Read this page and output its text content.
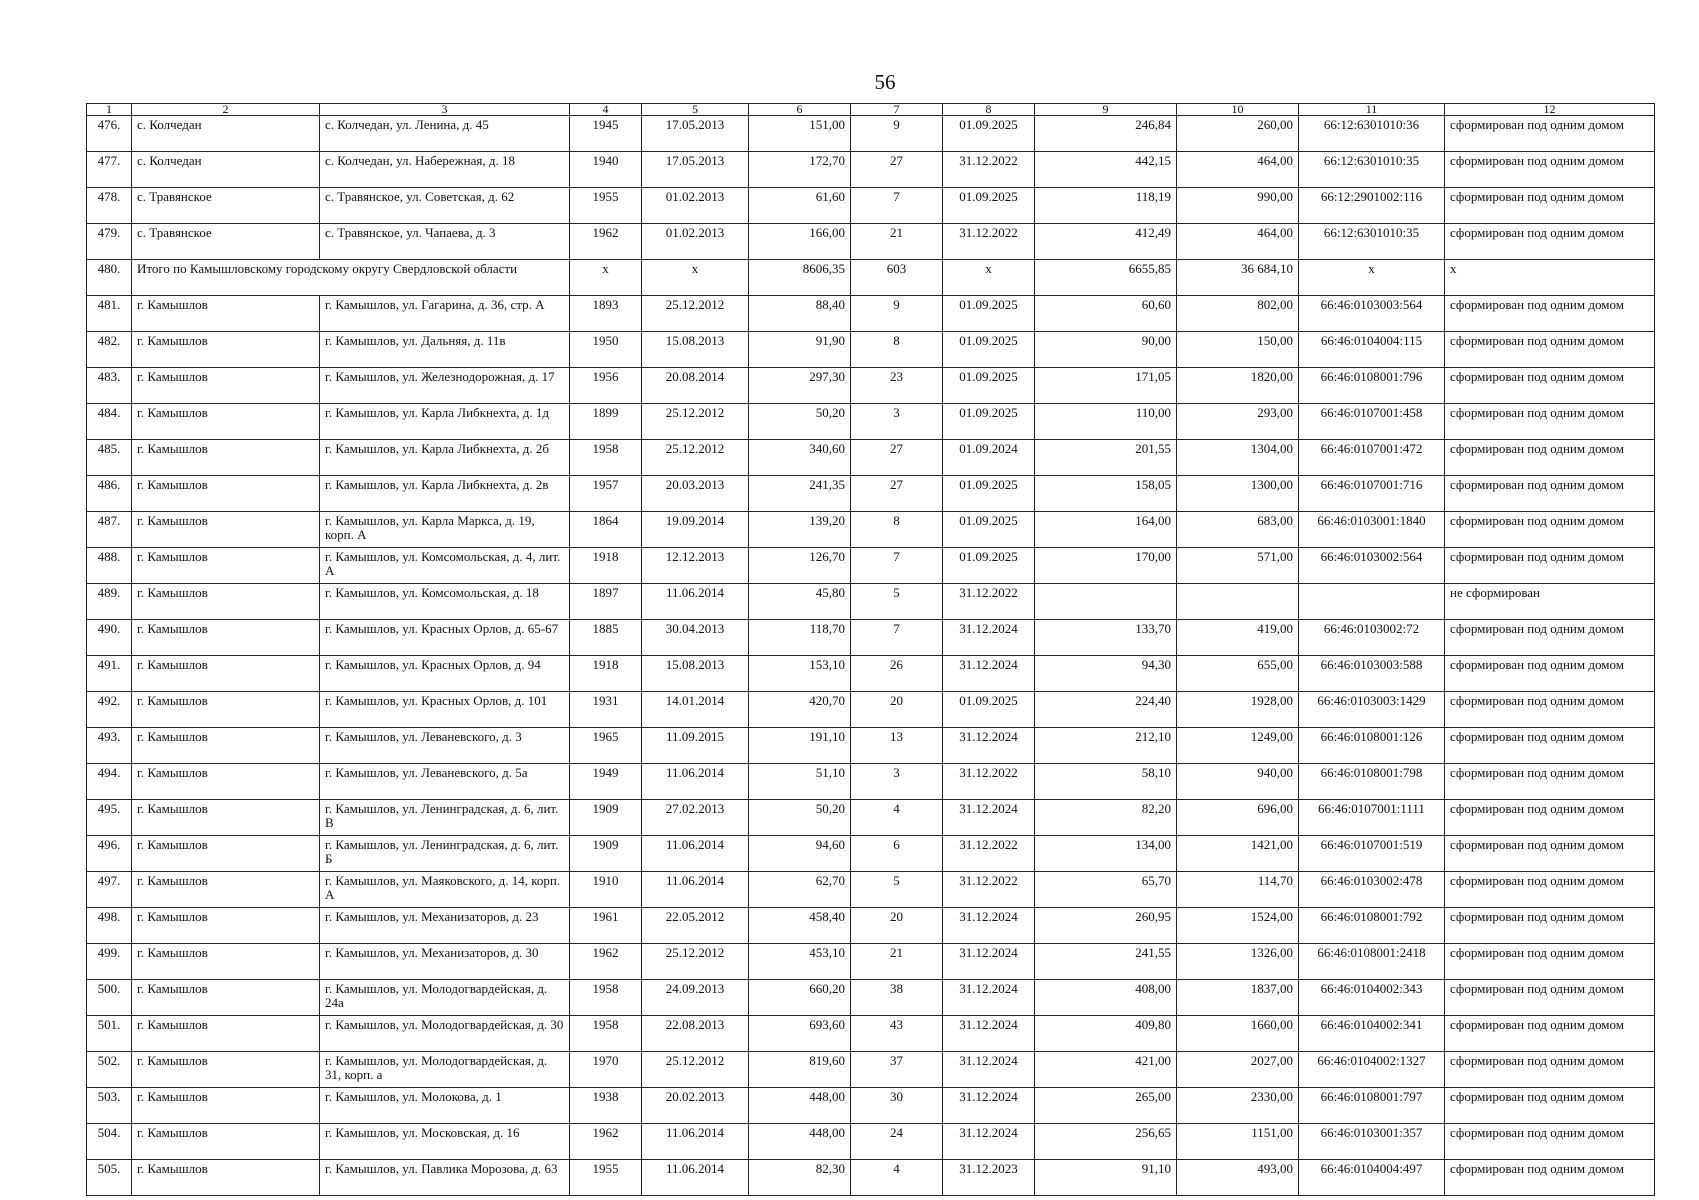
56
1	2	3	4	5	6	7	8	9	10	11	12
476.	с. Колчедан	с. Колчедан, ул. Ленина, д. 45	1945	17.05.2013	151,00	9	01.09.2025	246,84	260,00	66:12:6301010:36	сформирован под одним домом
477.	с. Колчедан	с. Колчедан, ул. Набережная, д. 18	1940	17.05.2013	172,70	27	31.12.2022	442,15	464,00	66:12:6301010:35	сформирован под одним домом
478.	с. Травянское	с. Травянское, ул. Советская, д. 62	1955	01.02.2013	61,60	7	01.09.2025	118,19	990,00	66:12:2901002:116	сформирован под одним домом
479.	с. Травянское	с. Травянское, ул. Чапаева, д. 3	1962	01.02.2013	166,00	21	31.12.2022	412,49	464,00	66:12:6301010:35	сформирован под одним домом
480.	Итого по Камышловскому городскому округу Свердловской области		x	x	8606,35	603	x	6655,85	36 684,10	x	x
481.	г. Камышлов	г. Камышлов, ул. Гагарина, д. 36, стр. А	1893	25.12.2012	88,40	9	01.09.2025	60,60	802,00	66:46:0103003:564	сформирован под одним домом
482.	г. Камышлов	г. Камышлов, ул. Дальняя, д. 11в	1950	15.08.2013	91,90	8	01.09.2025	90,00	150,00	66:46:0104004:115	сформирован под одним домом
483.	г. Камышлов	г. Камышлов, ул. Железнодорожная, д. 17	1956	20.08.2014	297,30	23	01.09.2025	171,05	1820,00	66:46:0108001:796	сформирован под одним домом
484.	г. Камышлов	г. Камышлов, ул. Карла Либкнехта, д. 1д	1899	25.12.2012	50,20	3	01.09.2025	110,00	293,00	66:46:0107001:458	сформирован под одним домом
485.	г. Камышлов	г. Камышлов, ул. Карла Либкнехта, д. 2б	1958	25.12.2012	340,60	27	01.09.2024	201,55	1304,00	66:46:0107001:472	сформирован под одним домом
486.	г. Камышлов	г. Камышлов, ул. Карла Либкнехта, д. 2в	1957	20.03.2013	241,35	27	01.09.2025	158,05	1300,00	66:46:0107001:716	сформирован под одним домом
487.	г. Камышлов	г. Камышлов, ул. Карла Маркса, д. 19, корп. А	1864	19.09.2014	139,20	8	01.09.2025	164,00	683,00	66:46:0103001:1840	сформирован под одним домом
488.	г. Камышлов	г. Камышлов, ул. Комсомольская, д. 4, лит. А	1918	12.12.2013	126,70	7	01.09.2025	170,00	571,00	66:46:0103002:564	сформирован под одним домом
489.	г. Камышлов	г. Камышлов, ул. Комсомольская, д. 18	1897	11.06.2014	45,80	5	31.12.2022				не сформирован
490.	г. Камышлов	г. Камышлов, ул. Красных Орлов, д. 65-67	1885	30.04.2013	118,70	7	31.12.2024	133,70	419,00	66:46:0103002:72	сформирован под одним домом
491.	г. Камышлов	г. Камышлов, ул. Красных Орлов, д. 94	1918	15.08.2013	153,10	26	31.12.2024	94,30	655,00	66:46:0103003:588	сформирован под одним домом
492.	г. Камышлов	г. Камышлов, ул. Красных Орлов, д. 101	1931	14.01.2014	420,70	20	01.09.2025	224,40	1928,00	66:46:0103003:1429	сформирован под одним домом
493.	г. Камышлов	г. Камышлов, ул. Леваневского, д. 3	1965	11.09.2015	191,10	13	31.12.2024	212,10	1249,00	66:46:0108001:126	сформирован под одним домом
494.	г. Камышлов	г. Камышлов, ул. Леваневского, д. 5а	1949	11.06.2014	51,10	3	31.12.2022	58,10	940,00	66:46:0108001:798	сформирован под одним домом
495.	г. Камышлов	г. Камышлов, ул. Ленинградская, д. 6, лит. В	1909	27.02.2013	50,20	4	31.12.2024	82,20	696,00	66:46:0107001:1111	сформирован под одним домом
496.	г. Камышлов	г. Камышлов, ул. Ленинградская, д. 6, лит. Б	1909	11.06.2014	94,60	6	31.12.2022	134,00	1421,00	66:46:0107001:519	сформирован под одним домом
497.	г. Камышлов	г. Камышлов, ул. Маяковского, д. 14, корп. А	1910	11.06.2014	62,70	5	31.12.2022	65,70	114,70	66:46:0103002:478	сформирован под одним домом
498.	г. Камышлов	г. Камышлов, ул. Механизаторов, д. 23	1961	22.05.2012	458,40	20	31.12.2024	260,95	1524,00	66:46:0108001:792	сформирован под одним домом
499.	г. Камышлов	г. Камышлов, ул. Механизаторов, д. 30	1962	25.12.2012	453,10	21	31.12.2024	241,55	1326,00	66:46:0108001:2418	сформирован под одним домом
500.	г. Камышлов	г. Камышлов, ул. Молодогвардейская, д. 24а	1958	24.09.2013	660,20	38	31.12.2024	408,00	1837,00	66:46:0104002:343	сформирован под одним домом
501.	г. Камышлов	г. Камышлов, ул. Молодогвардейская, д. 30	1958	22.08.2013	693,60	43	31.12.2024	409,80	1660,00	66:46:0104002:341	сформирован под одним домом
502.	г. Камышлов	г. Камышлов, ул. Молодогвардейская, д. 31, корп. а	1970	25.12.2012	819,60	37	31.12.2024	421,00	2027,00	66:46:0104002:1327	сформирован под одним домом
503.	г. Камышлов	г. Камышлов, ул. Молокова, д. 1	1938	20.02.2013	448,00	30	31.12.2024	265,00	2330,00	66:46:0108001:797	сформирован под одним домом
504.	г. Камышлов	г. Камышлов, ул. Московская, д. 16	1962	11.06.2014	448,00	24	31.12.2024	256,65	1151,00	66:46:0103001:357	сформирован под одним домом
505.	г. Камышлов	г. Камышлов, ул. Павлика Морозова, д. 63	1955	11.06.2014	82,30	4	31.12.2023	91,10	493,00	66:46:0104004:497	сформирован под одним домом
